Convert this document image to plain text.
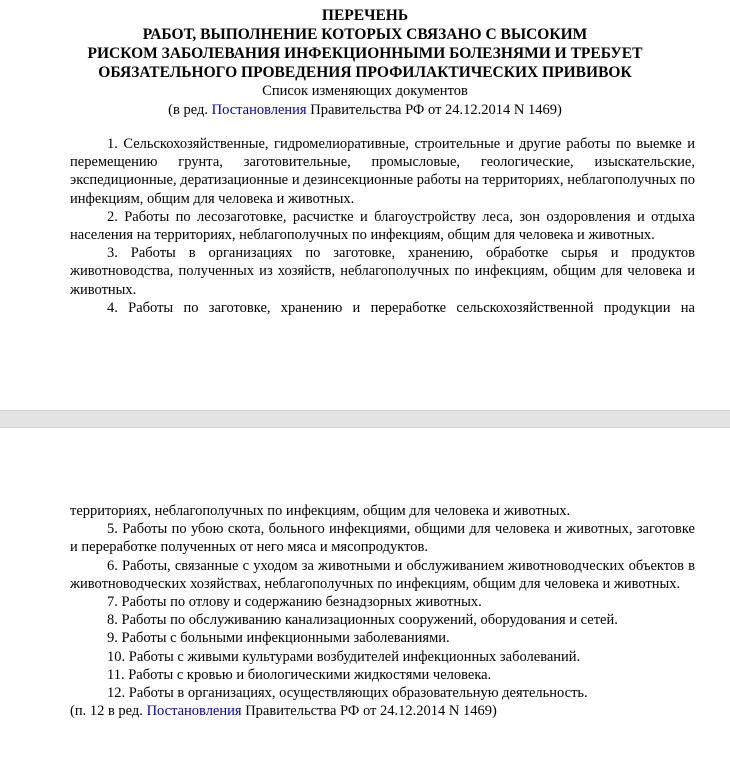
ПЕРЕЧЕНЬ
РАБОТ, ВЫПОЛНЕНИЕ КОТОРЫХ СВЯЗАНО С ВЫСОКИМ
РИСКОМ ЗАБОЛЕВАНИЯ ИНФЕКЦИОННЫМИ БОЛЕЗНЯМИ И ТРЕБУЕТ
ОБЯЗАТЕЛЬНОГО ПРОВЕДЕНИЯ ПРОФИЛАКТИЧЕСКИХ ПРИВИВОК
Список изменяющих документов
(в ред. Постановления Правительства РФ от 24.12.2014 N 1469)

1. Сельскохозяйственные, гидромелиоративные, строительные и другие работы по выемке и перемещению грунта, заготовительные, промысловые, геологические, изыскательские, экспедиционные, дератизационные и дезинсекционные работы на территориях, неблагополучных по инфекциям, общим для человека и животных.

2. Работы по лесозаготовке, расчистке и благоустройству леса, зон оздоровления и отдыха населения на территориях, неблагополучных по инфекциям, общим для человека и животных.

3. Работы в организациях по заготовке, хранению, обработке сырья и продуктов животноводства, полученных из хозяйств, неблагополучных по инфекциям, общим для человека и животных.

4. Работы по заготовке, хранению и переработке сельскохозяйственной продукции на

территориях, неблагополучных по инфекциям, общим для человека и животных.

5. Работы по убою скота, больного инфекциями, общими для человека и животных, заготовке и переработке полученных от него мяса и мясопродуктов.

6. Работы, связанные с уходом за животными и обслуживанием животноводческих объектов в животноводческих хозяйствах, неблагополучных по инфекциям, общим для человека и животных.

7. Работы по отлову и содержанию безнадзорных животных.

8. Работы по обслуживанию канализационных сооружений, оборудования и сетей.

9. Работы с больными инфекционными заболеваниями.

10. Работы с живыми культурами возбудителей инфекционных заболеваний.

11. Работы с кровью и биологическими жидкостями человека.

12. Работы в организациях, осуществляющих образовательную деятельность.

(п. 12 в ред. Постановления Правительства РФ от 24.12.2014 N 1469)
